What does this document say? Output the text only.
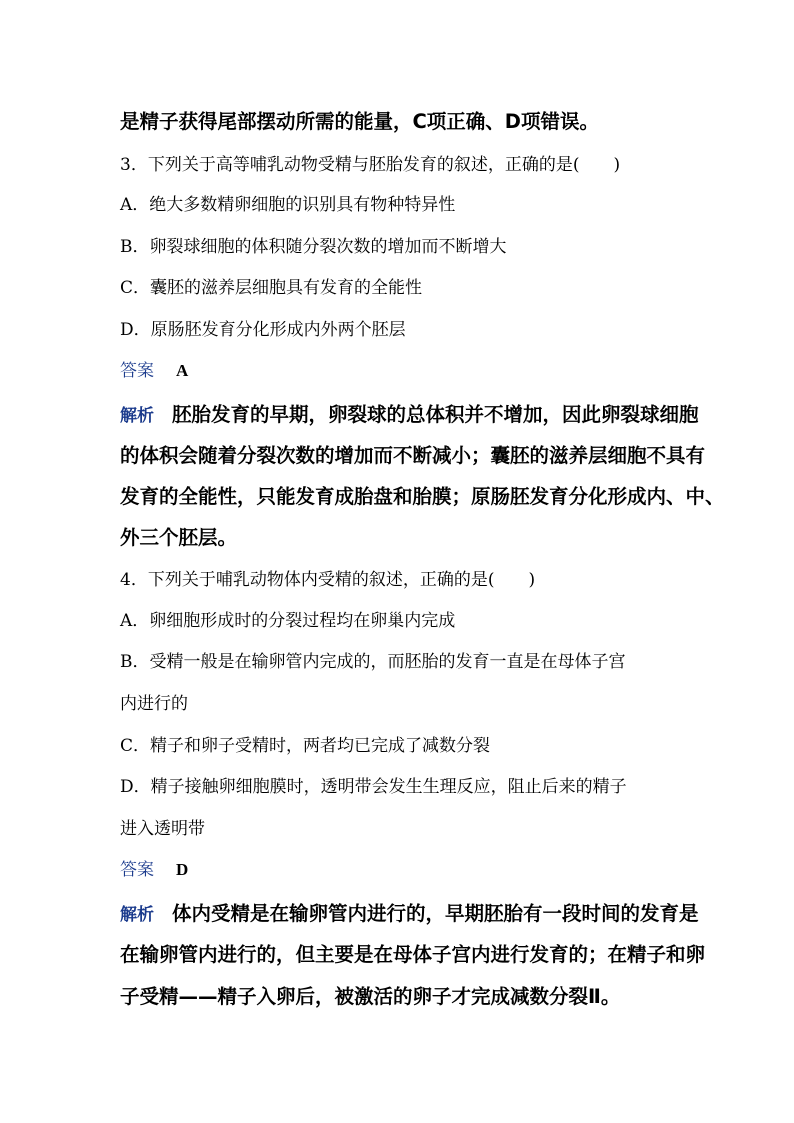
是精子获得尾部摆动所需的能量，C项正确、D项错误。
3．下列关于高等哺乳动物受精与胚胎发育的叙述，正确的是(　　)
A．绝大多数精卵细胞的识别具有物种特异性
B．卵裂球细胞的体积随分裂次数的增加而不断增大
C．囊胚的滋养层细胞具有发育的全能性
D．原肠胚发育分化形成内外两个胚层
答案 A
解析 胚胎发育的早期，卵裂球的总体积并不增加，因此卵裂球细胞
的体积会随着分裂次数的增加而不断减小；囊胚的滋养层细胞不具有
发育的全能性，只能发育成胎盘和胎膜；原肠胚发育分化形成内、中、
外三个胚层。
4．下列关于哺乳动物体内受精的叙述，正确的是(　　)
A．卵细胞形成时的分裂过程均在卵巢内完成
B．受精一般是在输卵管内完成的，而胚胎的发育一直是在母体子宫
内进行的
C．精子和卵子受精时，两者均已完成了减数分裂
D．精子接触卵细胞膜时，透明带会发生生理反应，阻止后来的精子
进入透明带
答案 D
解析 体内受精是在输卵管内进行的，早期胚胎有一段时间的发育是
在输卵管内进行的，但主要是在母体子宫内进行发育的；在精子和卵
子受精——精子入卵后，被激活的卵子才完成减数分裂Ⅱ。
